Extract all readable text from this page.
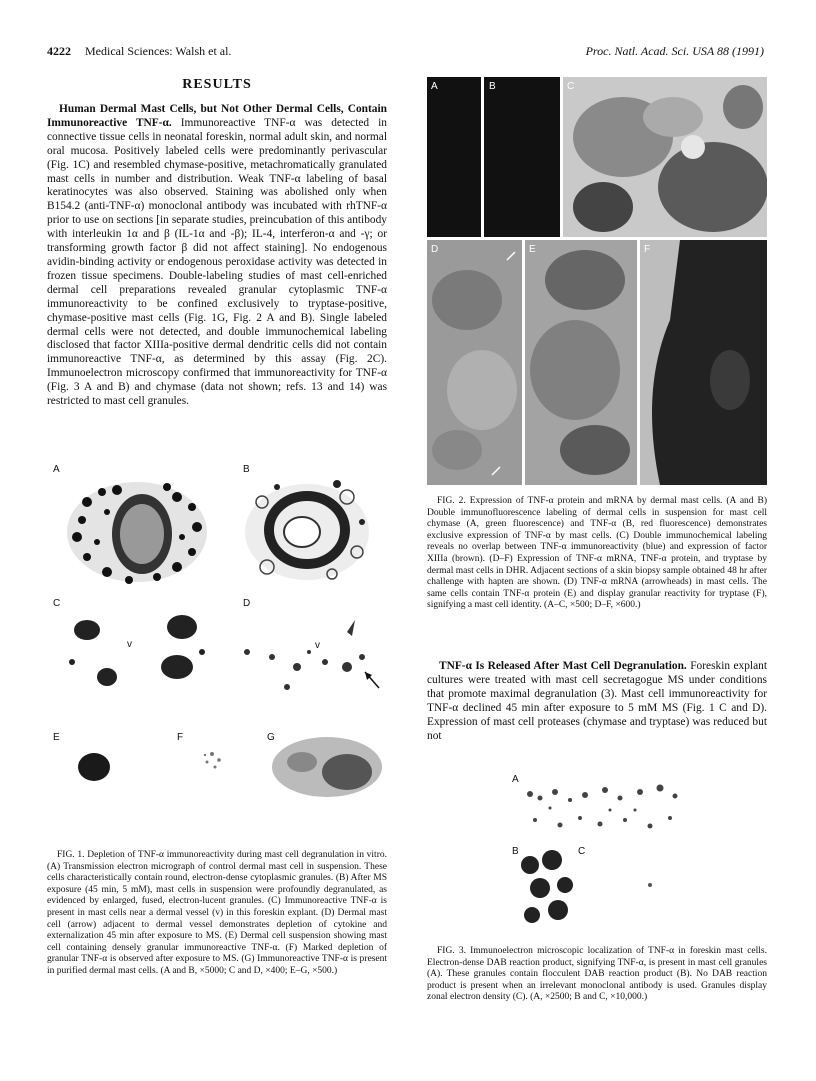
4222 Medical Sciences: Walsh et al.	Proc. Natl. Acad. Sci. USA 88 (1991)
RESULTS

Human Dermal Mast Cells, but Not Other Dermal Cells, Contain Immunoreactive TNF-α. Immunoreactive TNF-α was detected in connective tissue cells in neonatal foreskin, normal adult skin, and normal oral mucosa. Positively labeled cells were predominantly perivascular (Fig. 1C) and resembled chymase-positive, metachromatically granulated mast cells in number and distribution. Weak TNF-α labeling of basal keratinocytes was also observed. Staining was abolished only when B154.2 (anti-TNF-α) monoclonal antibody was incubated with rhTNF-α prior to use on sections [in separate studies, preincubation of this antibody with interleukin 1α and β (IL-1α and -β); IL-4, interferon-α and -γ; or transforming growth factor β did not affect staining]. No endogenous avidin-binding activity or endogenous peroxidase activity was detected in frozen tissue specimens. Double-labeling studies of mast cell-enriched dermal cell preparations revealed granular cytoplasmic TNF-α immunoreactivity to be confined exclusively to tryptase-positive, chymase-positive mast cells (Fig. 1G, Fig. 2 A and B). Single labeled dermal cells were not detected, and double immunochemical labeling disclosed that factor XIIIa-positive dermal dendritic cells did not contain immunoreactive TNF-α, as determined by this assay (Fig. 2C). Immunoelectron microscopy confirmed that immunoreactivity for TNF-α (Fig. 3 A and B) and chymase (data not shown; refs. 13 and 14) was restricted to mast cell granules.

A	B
C	D
v	v
E	F	G

FIG. 1. Depletion of TNF-α immunoreactivity during mast cell degranulation in vitro. (A) Transmission electron micrograph of control dermal mast cell in suspension. These cells characteristically contain round, electron-dense cytoplasmic granules. (B) After MS exposure (45 min, 5 mM), mast cells in suspension were profoundly degranulated, as evidenced by enlarged, fused, electron-lucent granules. (C) Immunoreactive TNF-α is present in mast cells near a dermal vessel (v) in this foreskin explant. (D) Dermal mast cell (arrow) adjacent to dermal vessel demonstrates depletion of cytokine and externalization 45 min after exposure to MS. (E) Dermal cell suspension showing mast cell containing densely granular immunoreactive TNF-α. (F) Marked depletion of granular TNF-α is observed after exposure to MS. (G) Immunoreactive TNF-α is present in purified dermal mast cells. (A and B, ×5000; C and D, ×400; E–G, ×500.)

A	B	C
D	E	F

FIG. 2. Expression of TNF-α protein and mRNA by dermal mast cells. (A and B) Double immunofluorescence labeling of dermal cells in suspension for mast cell chymase (A, green fluorescence) and TNF-α (B, red fluorescence) demonstrates exclusive expression of TNF-α by mast cells. (C) Double immunochemical labeling reveals no overlap between TNF-α immunoreactivity (blue) and expression of factor XIIIa (brown). (D–F) Expression of TNF-α mRNA, TNF-α protein, and tryptase by dermal mast cells in DHR. Adjacent sections of a skin biopsy sample obtained 48 hr after challenge with hapten are shown. (D) TNF-α mRNA (arrowheads) in mast cells. The same cells contain TNF-α protein (E) and display granular reactivity for tryptase (F), signifying a mast cell identity. (A–C, ×500; D–F, ×600.)

TNF-α Is Released After Mast Cell Degranulation. Foreskin explant cultures were treated with mast cell secretagogue MS under conditions that promote maximal degranulation (3). Mast cell immunoreactivity for TNF-α declined 45 min after exposure to 5 mM MS (Fig. 1 C and D). Expression of mast cell proteases (chymase and tryptase) was reduced but not

A
B	C

FIG. 3. Immunoelectron microscopic localization of TNF-α in foreskin mast cells. Electron-dense DAB reaction product, signifying TNF-α, is present in mast cell granules (A). These granules contain flocculent DAB reaction product (B). No DAB reaction product is present when an irrelevant monoclonal antibody is used. Granules display zonal electron density (C). (A, ×2500; B and C, ×10,000.)
